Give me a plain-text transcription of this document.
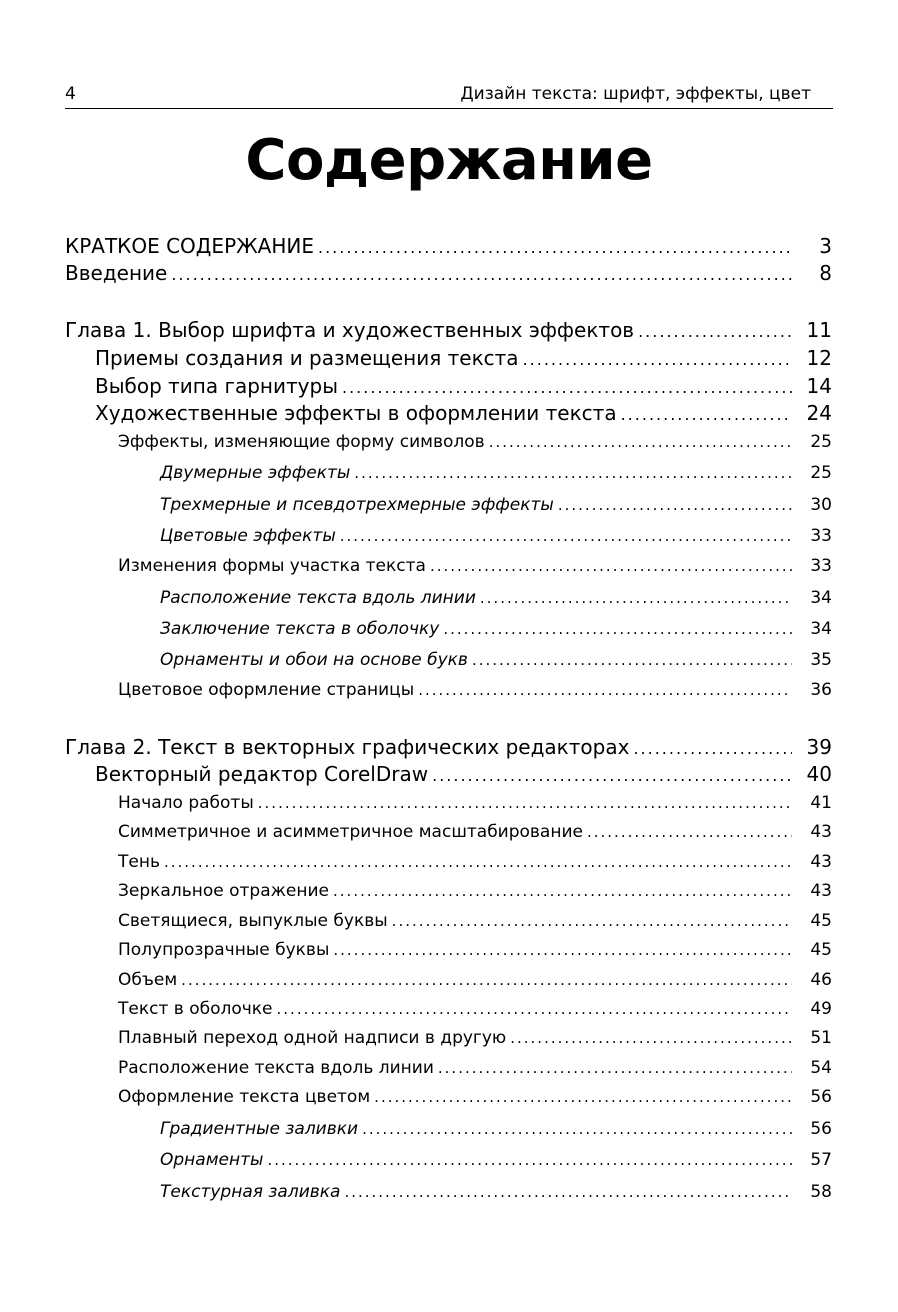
4	Дизайн текста: шрифт, эффекты, цвет
Содержание
КРАТКОЕ СОДЕРЖАНИЕ .....	3
Введение .....	8
Глава 1. Выбор шрифта и художественных эффектов .....	11
Приемы создания и размещения текста .....	12
Выбор типа гарнитуры .....	14
Художественные эффекты в оформлении текста .....	24
Эффекты, изменяющие форму символов .....	25
Двумерные эффекты .....	25
Трехмерные и псевдотрехмерные эффекты .....	30
Цветовые эффекты .....	33
Изменения формы участка текста .....	33
Расположение текста вдоль линии .....	34
Заключение текста в оболочку .....	34
Орнаменты и обои на основе букв .....	35
Цветовое оформление страницы .....	36
Глава 2. Текст в векторных графических редакторах .....	39
Векторный редактор CorelDraw .....	40
Начало работы .....	41
Симметричное и асимметричное масштабирование .....	43
Тень .....	43
Зеркальное отражение .....	43
Светящиеся, выпуклые буквы .....	45
Полупрозрачные буквы .....	45
Объем .....	46
Текст в оболочке .....	49
Плавный переход одной надписи в другую .....	51
Расположение текста вдоль линии .....	54
Оформление текста цветом .....	56
Градиентные заливки .....	56
Орнаменты .....	57
Текстурная заливка .....	58
